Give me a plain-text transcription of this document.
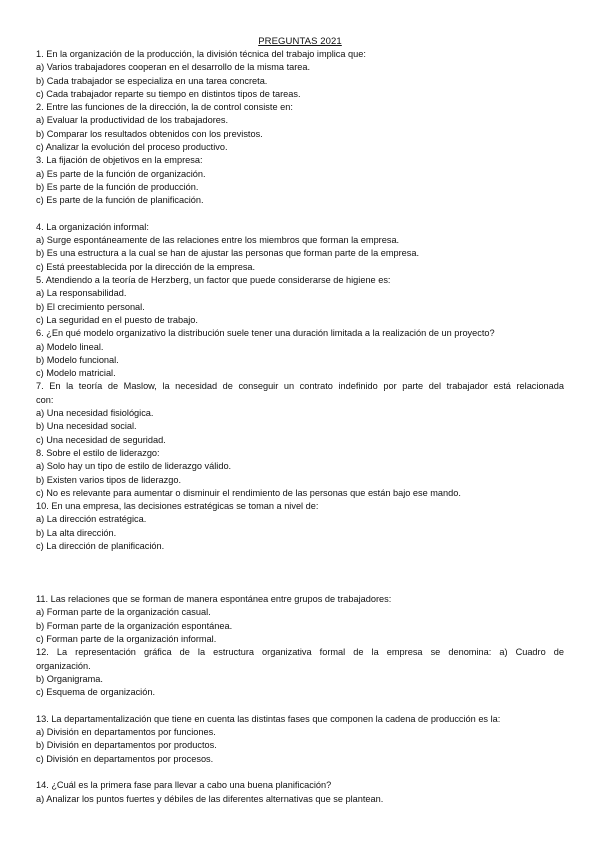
PREGUNTAS 2021
1. En la organización de la producción, la división técnica del trabajo implica que:
a) Varios trabajadores cooperan en el desarrollo de la misma tarea.
b) Cada trabajador se especializa en una tarea concreta.
c) Cada trabajador reparte su tiempo en distintos tipos de tareas.
2. Entre las funciones de la dirección, la de control consiste en:
a) Evaluar la productividad de los trabajadores.
b) Comparar los resultados obtenidos con los previstos.
c) Analizar la evolución del proceso productivo.
3. La fijación de objetivos en la empresa:
a) Es parte de la función de organización.
b) Es parte de la función de producción.
c) Es parte de la función de planificación.
4. La organización informal:
a) Surge espontáneamente de las relaciones entre los miembros que forman la empresa.
b) Es una estructura a la cual se han de ajustar las personas que forman parte de la empresa.
c) Está preestablecida por la dirección de la empresa.
5. Atendiendo a la teoría de Herzberg, un factor que puede considerarse de higiene es:
a) La responsabilidad.
b) El crecimiento personal.
c) La seguridad en el puesto de trabajo.
6. ¿En qué modelo organizativo la distribución suele tener una duración limitada a la realización de un proyecto?
a) Modelo lineal.
b) Modelo funcional.
c) Modelo matricial.
7. En la teoría de Maslow, la necesidad de conseguir un contrato indefinido por parte del trabajador está relacionada
con:
a) Una necesidad fisiológica.
b) Una necesidad social.
c) Una necesidad de seguridad.
8. Sobre el estilo de liderazgo:
a) Solo hay un tipo de estilo de liderazgo válido.
b) Existen varios tipos de liderazgo.
c) No es relevante para aumentar o disminuir el rendimiento de las personas que están bajo ese mando.
10. En una empresa, las decisiones estratégicas se toman a nivel de:
a) La dirección estratégica.
b) La alta dirección.
c) La dirección de planificación.
11. Las relaciones que se forman de manera espontánea entre grupos de trabajadores:
a) Forman parte de la organización casual.
b) Forman parte de la organización espontánea.
c) Forman parte de la organización informal.
12. La representación gráfica de la estructura organizativa formal de la empresa se denomina: a) Cuadro de
organización.
b) Organigrama.
c) Esquema de organización.
13. La departamentalización que tiene en cuenta las distintas fases que componen la cadena de producción es la:
a) División en departamentos por funciones.
b) División en departamentos por productos.
c) División en departamentos por procesos.
14. ¿Cuál es la primera fase para llevar a cabo una buena planificación?
a) Analizar los puntos fuertes y débiles de las diferentes alternativas que se plantean.
